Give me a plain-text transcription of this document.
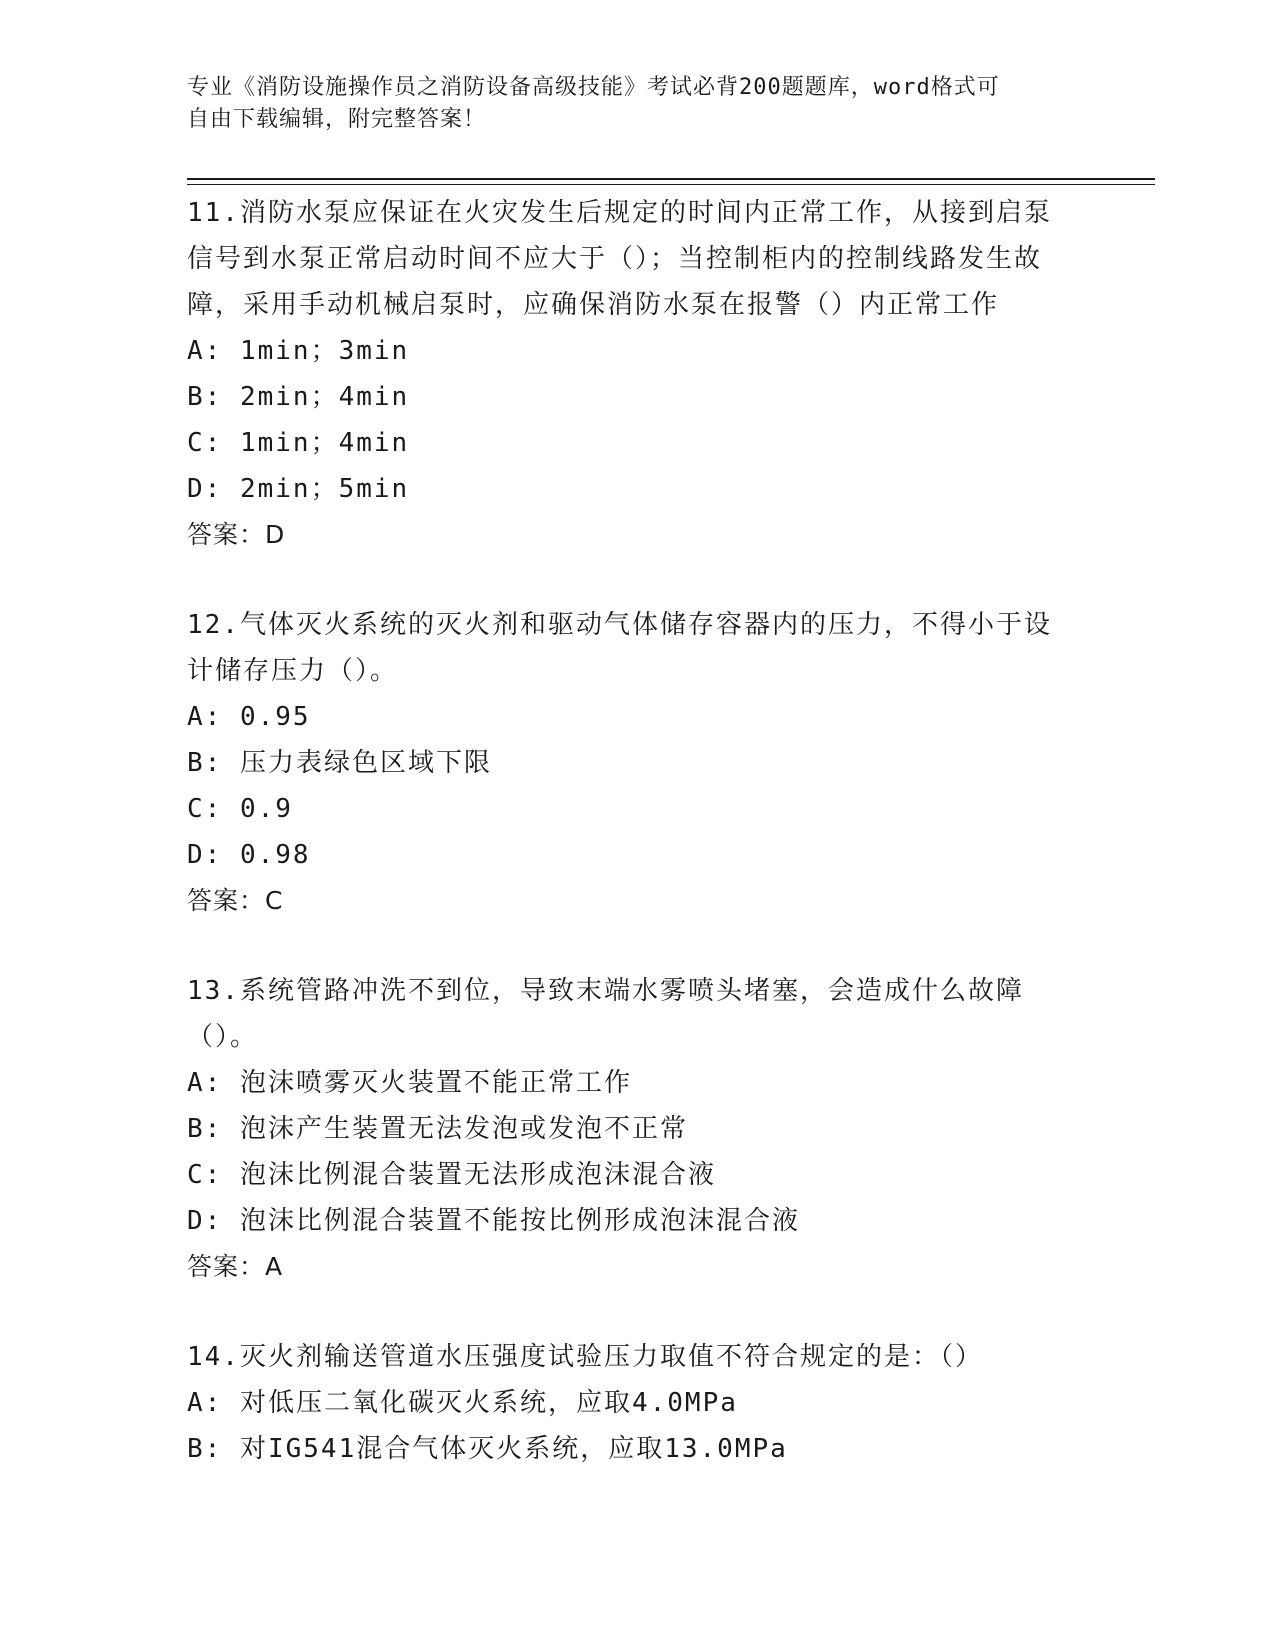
专业《消防设施操作员之消防设备高级技能》考试必背200题题库，word格式可
自由下载编辑，附完整答案！
11.消防水泵应保证在火灾发生后规定的时间内正常工作，从接到启泵信号到水泵正常启动时间不应大于（）；当控制柜内的控制线路发生故障，采用手动机械启泵时，应确保消防水泵在报警（）内正常工作
A: 1min；3min
B: 2min；4min
C: 1min；4min
D: 2min；5min
答案：D
12.气体灭火系统的灭火剂和驱动气体储存容器内的压力，不得小于设计储存压力（）。
A: 0.95
B: 压力表绿色区域下限
C: 0.9
D: 0.98
答案：C
13.系统管路冲洗不到位，导致末端水雾喷头堵塞，会造成什么故障（）。
A: 泡沫喷雾灭火装置不能正常工作
B: 泡沫产生装置无法发泡或发泡不正常
C: 泡沫比例混合装置无法形成泡沫混合液
D: 泡沫比例混合装置不能按比例形成泡沫混合液
答案：A
14.灭火剂输送管道水压强度试验压力取值不符合规定的是：（）
A: 对低压二氧化碳灭火系统，应取4.0MPa
B: 对IG541混合气体灭火系统，应取13.0MPa
